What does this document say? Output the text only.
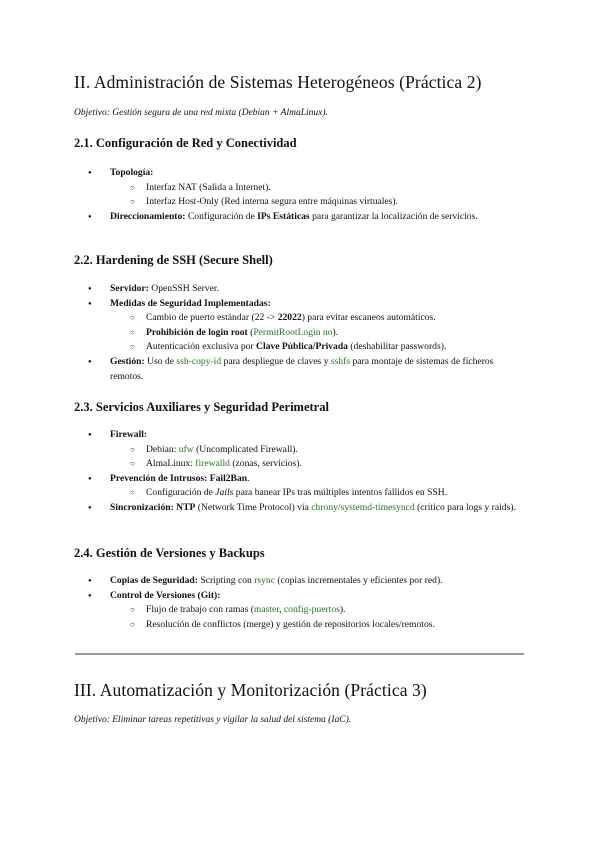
II. Administración de Sistemas Heterogéneos (Práctica 2)

Objetivo: Gestión segura de una red mixta (Debian + AlmaLinux).

2.1. Configuración de Red y Conectividad
● Topología:
○ Interfaz NAT (Salida a Internet).
○ Interfaz Host-Only (Red interna segura entre máquinas virtuales).
● Direccionamiento: Configuración de IPs Estáticas para garantizar la localización de servicios.
2.2. Hardening de SSH (Secure Shell)
● Servidor: OpenSSH Server.
● Medidas de Seguridad Implementadas:
○ Cambio de puerto estándar (22 -> 22022) para evitar escaneos automáticos.
○ Prohibición de login root (PermitRootLogin no).
○ Autenticación exclusiva por Clave Pública/Privada (deshabilitar passwords).
● Gestión: Uso de ssh-copy-id para despliegue de claves y sshfs para montaje de sistemas de ficheros remotos.
2.3. Servicios Auxiliares y Seguridad Perimetral
● Firewall:
○ Debian: ufw (Uncomplicated Firewall).
○ AlmaLinux: firewalld (zonas, servicios).
● Prevención de Intrusos: Fail2Ban.
○ Configuración de Jails para banear IPs tras múltiples intentos fallidos en SSH.
● Sincronización: NTP (Network Time Protocol) vía chrony/systemd-timesyncd (crítico para logs y raids).
2.4. Gestión de Versiones y Backups
● Copias de Seguridad: Scripting con rsync (copias incrementales y eficientes por red).
● Control de Versiones (Git):
○ Flujo de trabajo con ramas (master, config-puertos).
○ Resolución de conflictos (merge) y gestión de repositorios locales/remotos.
III. Automatización y Monitorización (Práctica 3)

Objetivo: Eliminar tareas repetitivas y vigilar la salud del sistema (IaC).
